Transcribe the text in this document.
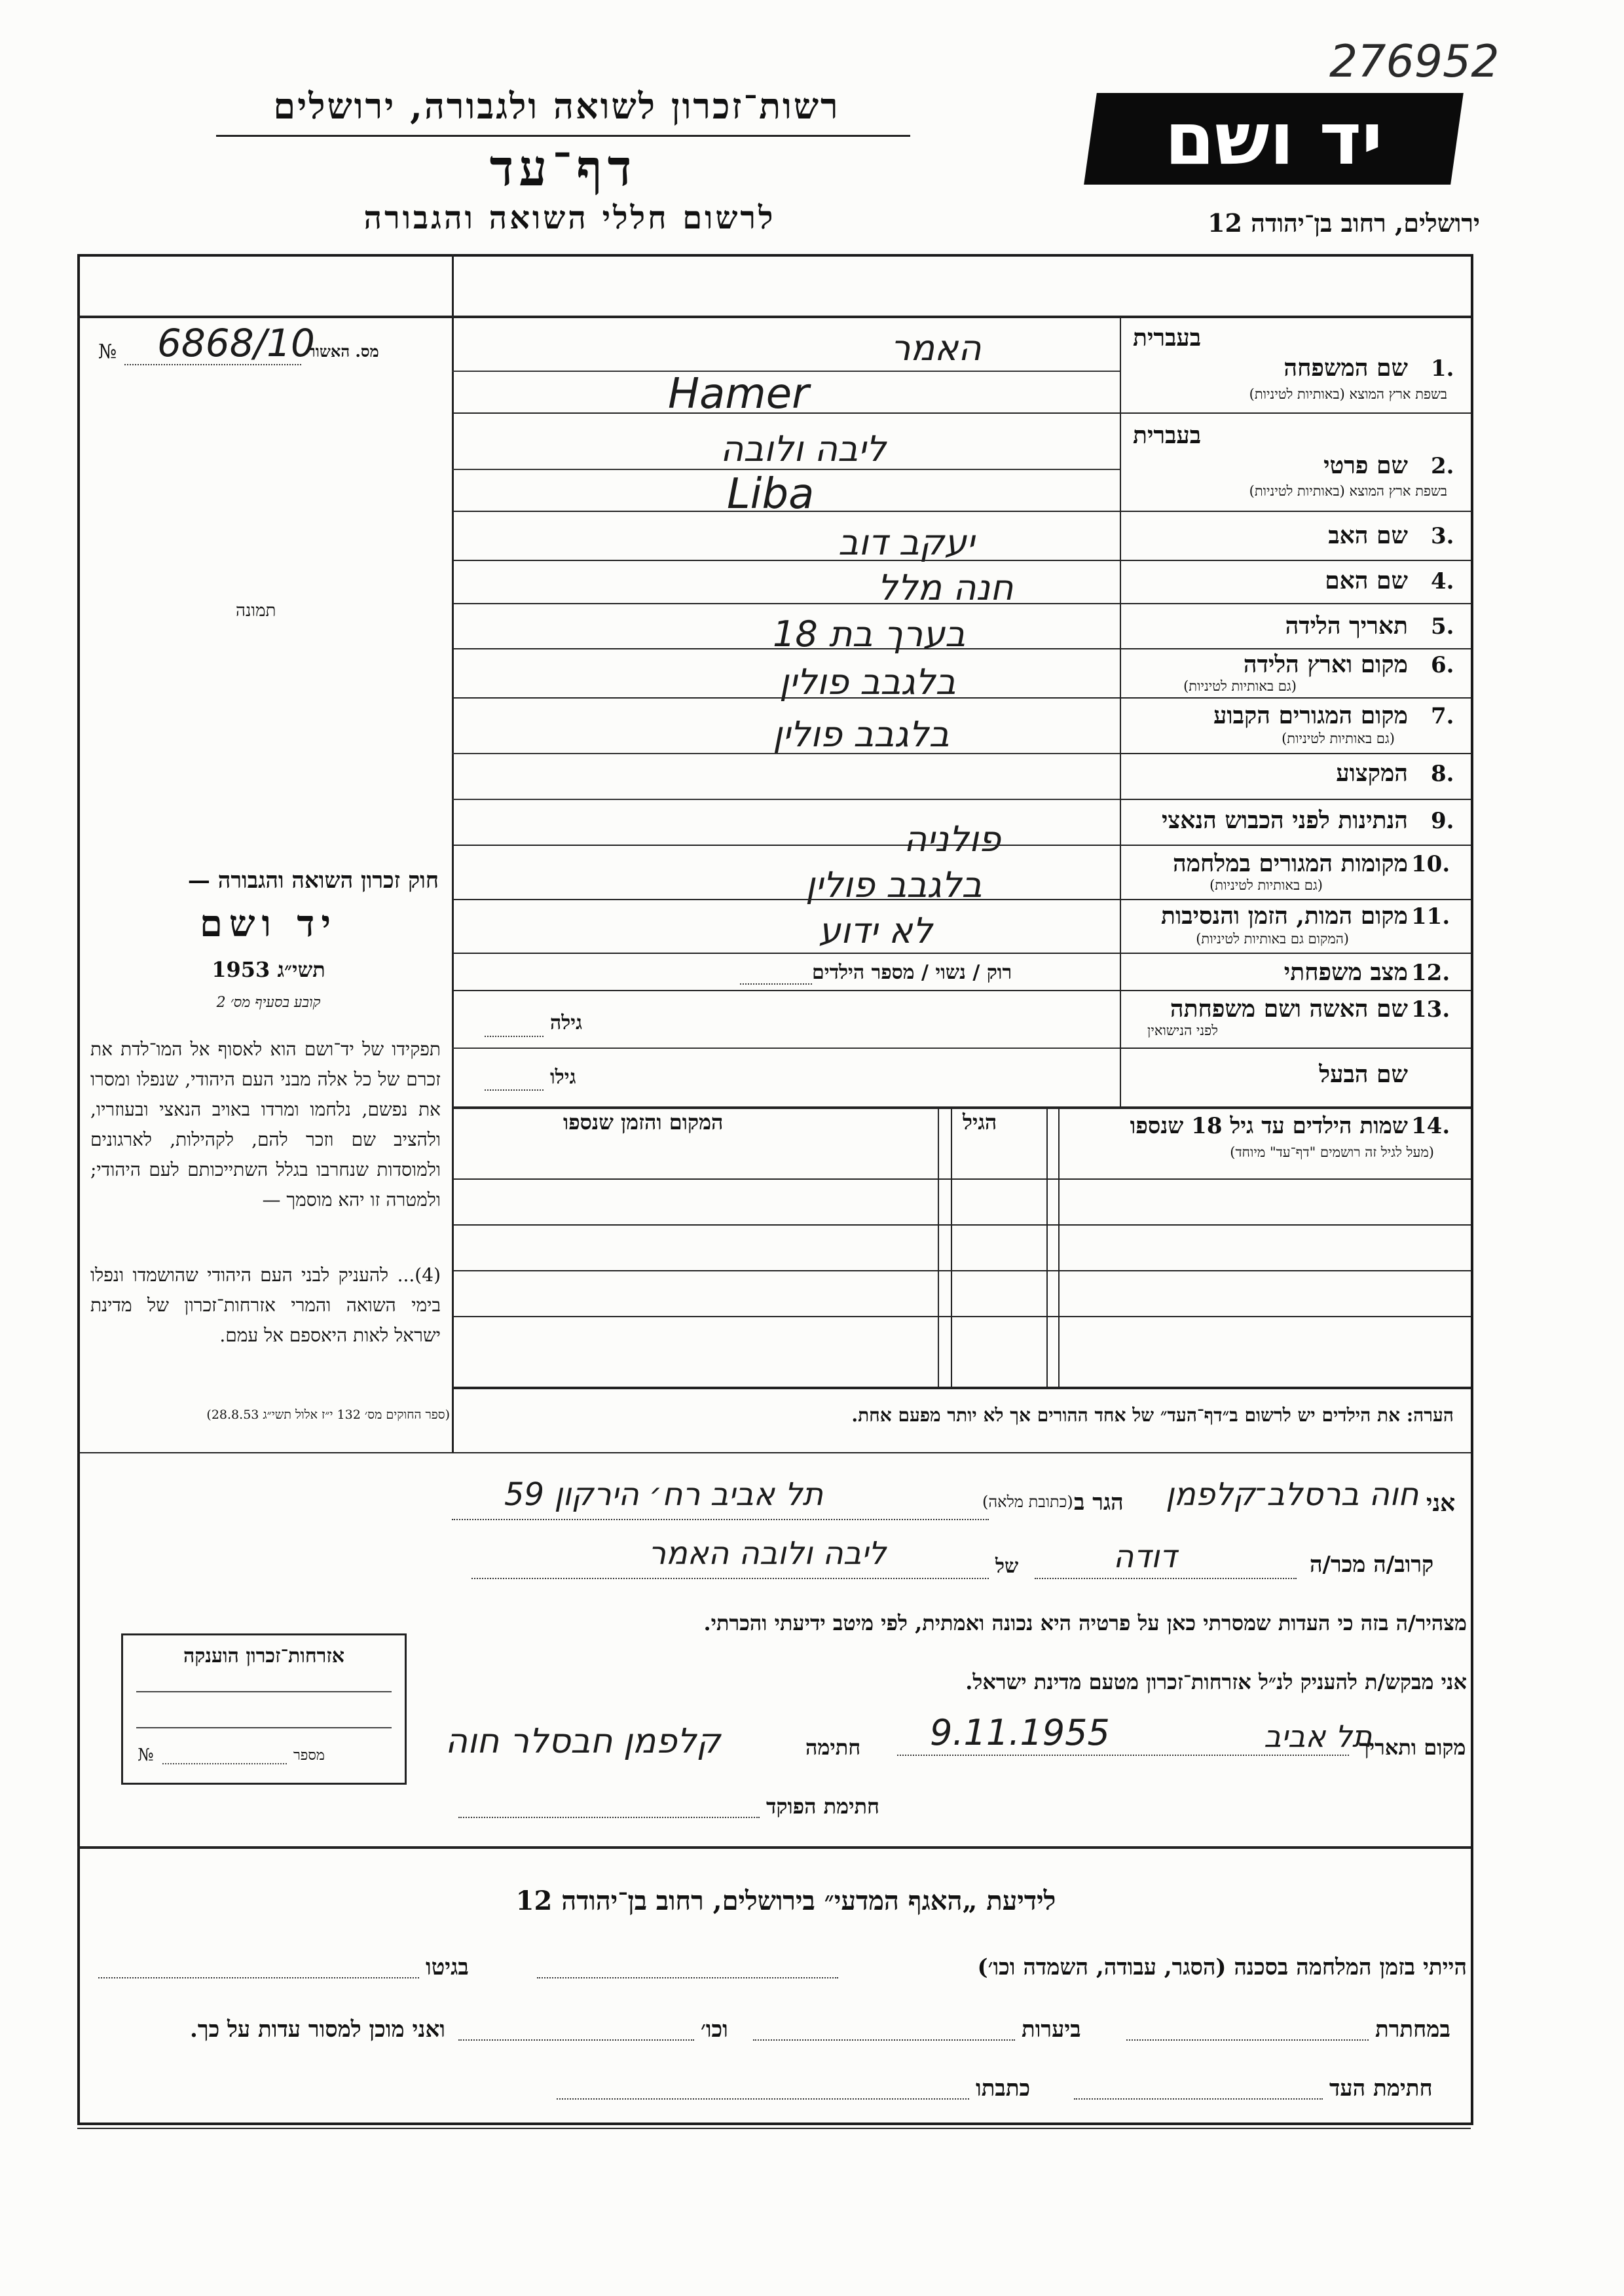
276952
רשות־זכרון לשואה ולגבורה, ירושלים
דף־עד
לרשום חללי השואה והגבורה
יד ושם
ירושלים, רחוב בן־יהודה 12
מס. האשור
№ 6868/10
תמונה
בעברית
שם המשפחה 1.
בשפת ארץ המוצא (באותיות לטיניות)
האמר
Hamer
בעברית
שם פרטי 2.
בשפת ארץ המוצא (באותיות לטיניות)
ליבה ולובה
Liba
שם האב 3.
יעקב דוב
שם האם 4.
חנה מלל
תאריך הלידה 5.
בערך בת 18
מקום וארץ הלידה 6.
(גם באותיות לטיניות)
בלגבב פולין
מקום המגורים הקבוע 7.
(גם באותיות לטיניות)
בלגבב פולין
המקצוע 8.
הנתינות לפני הכבוש הנאצי 9.
פולניה
מקומות המגורים במלחמה 10.
(גם באותיות לטיניות)
בלגבב פולין
מקום המות, הזמן והנסיבות 11.
(המקום גם באותיות לטיניות)
לא ידוע
מצב משפחתי 12.
רוק / נשוי / מספר הילדים
שם האשה ושם משפחתה 13.
לפני הנישואין
גילה
שם הבעל
גילו
שמות הילדים עד גיל 18 שנספו 14.
(מעל לגיל זה רושמים "דף־עד" מיוחד)
הגיל
המקום והזמן שנספו
חוק זכרון השואה והגבורה —
יד ושם
תשי״ג 1953
קובע בסעיף מס׳ 2
תפקידו של יד־ושם הוא לאסוף אל המו־לדת את זכרם של כל אלה מבני העם היהודי, שנפלו ומסרו את נפשם, נלחמו ומרדו באויב הנאצי ובעוזריו, ולהציב שם וזכר להם, לקהילות, לארגונים ולמוסדות שנחרבו בגלל השתייכותם לעם היהודי; ולמטרה זו יהא מוסמך —
(4)... להעניק לבני העם היהודי שהושמדו ונפלו בימי השואה והמרי אזרחות־זכרון של מדינת ישראל לאות היאספם אל עמם.
(ספר החוקים מס׳ 132 י״ז אלול תשי״ג 28.8.53)	הערה: את הילדים יש לרשום ב״דף־העד״ של אחד ההורים אך לא יותר מפעם אחת.
אני
חוה ברסלב־קלפמן
הגר ב
(כתובת מלאה)
תל אביב רח׳ הירקון 59
קרוב/ה מכר/ה
דודה
של
ליבה ולובה האמר
מצהיר/ה בזה כי העדות שמסרתי כאן על פרטיה היא נכונה ואמתית, לפי מיטב ידיעתי והכרתי.
אני מבקש/ת להעניק לנ״ל אזרחות־זכרון מטעם מדינת ישראל.
מקום ותאריך
תל אביב
9.11.1955
חתימה
קלפמן חבסלר חוה
חתימת הפוקד
אזרחות־זכרון הוענקה
מספר
№
לידיעת „האגף המדעי״ בירושלים, רחוב בן־יהודה 12
הייתי בזמן המלחמה בסכנה (הסגר, עבודה, השמדה וכו׳)
בגיטו
במחתרת
ביערות
וכו׳
ואני מוכן למסור עדות על כך.
חתימת העד
כתבתו
